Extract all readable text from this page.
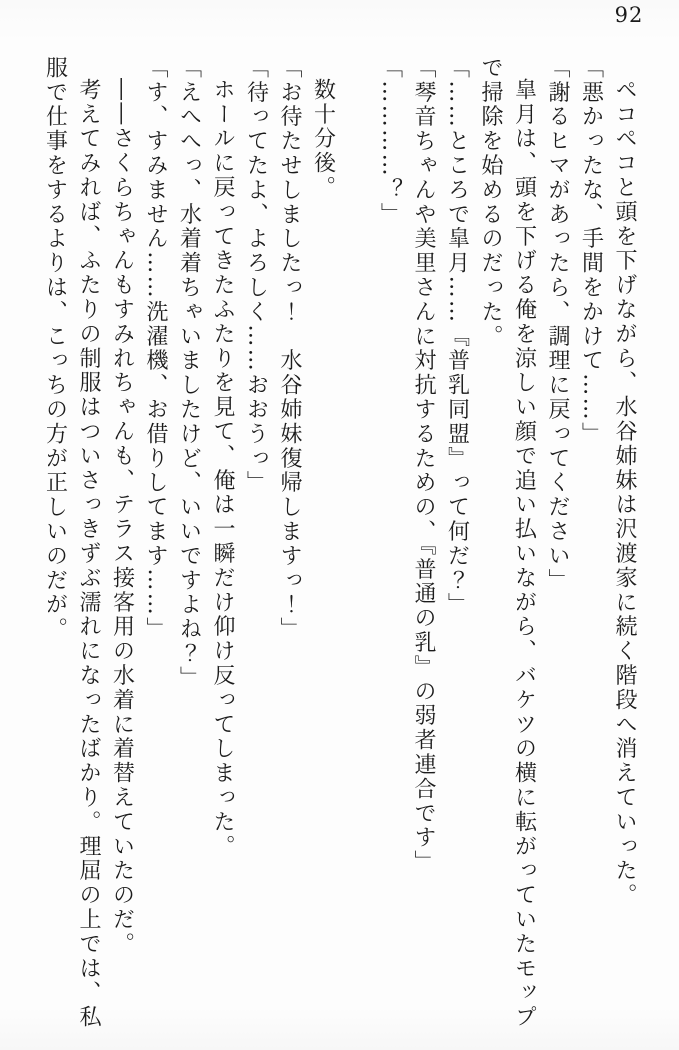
92

ペコペコと頭を下げながら、水谷姉妹は沢渡家に続く階段へ消えていった。

「悪かったな、手間をかけて……」

「謝るヒマがあったら、調理に戻ってください」

皐月は、頭を下げる俺を涼しい顔で追い払いながら、バケツの横に転がっていたモップ

で掃除を始めるのだった。

「……ところで皐月……『普乳同盟』って何だ？」

「琴音ちゃんや美里さんに対抗するための、『普通の乳』の弱者連合です」

「…………？」

数十分後。

「お待たせしましたっ！　水谷姉妹復帰しますっ！」

「待ってたよ、よろしく……おおうっ」

ホールに戻ってきたふたりを見て、俺は一瞬だけ仰け反ってしまった。

「えへへっ、水着着ちゃいましたけど、いいですよね？」

「す、すみません……洗濯機、お借りしてます……」

――さくらちゃんもすみれちゃんも、テラス接客用の水着に着替えていたのだ。

考えてみれば、ふたりの制服はついさっきずぶ濡れになったばかり。理屈の上では、私

服で仕事をするよりは、こっちの方が正しいのだが。
